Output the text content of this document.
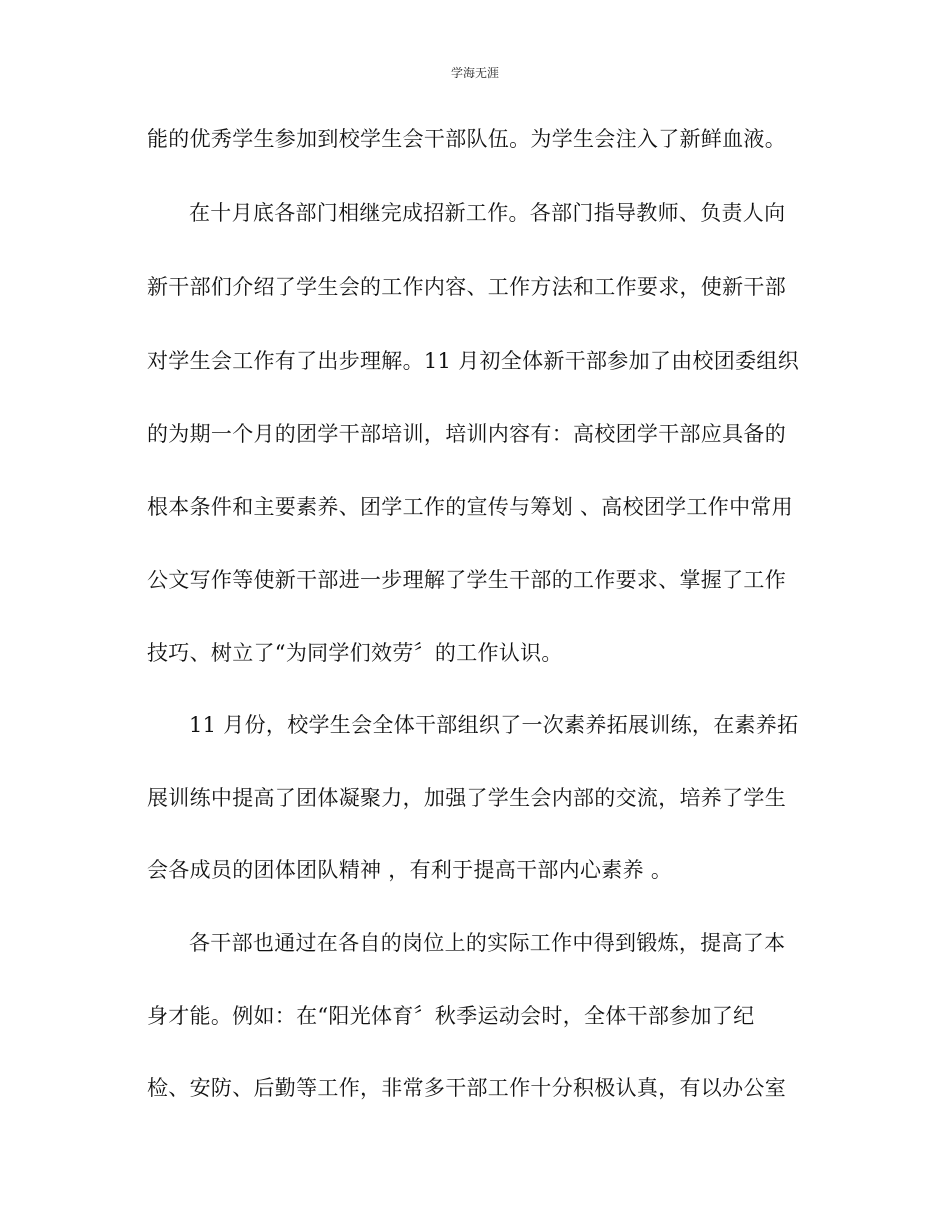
学海无涯
能的优秀学生参加到校学生会干部队伍。为学生会注入了新鲜血液。
在十月底各部门相继完成招新工作。各部门指导教师、负责人向
新干部们介绍了学生会的工作内容、工作方法和工作要求，使新干部
对学生会工作有了出步理解。11 月初全体新干部参加了由校团委组织
的为期一个月的团学干部培训，培训内容有：高校团学干部应具备的
根本条件和主要素养、团学工作的宣传与筹划 、高校团学工作中常用
公文写作等使新干部进一步理解了学生干部的工作要求、掌握了工作
技巧、树立了“为同学们效劳〞的工作认识。
11 月份，校学生会全体干部组织了一次素养拓展训练，在素养拓
展训练中提高了团体凝聚力，加强了学生会内部的交流，培养了学生
会各成员的团体团队精神 ，有利于提高干部内心素养 。
各干部也通过在各自的岗位上的实际工作中得到锻炼，提高了本
身才能。例如：在“阳光体育〞秋季运动会时，全体干部参加了纪
检、安防、后勤等工作，非常多干部工作十分积极认真，有以办公室
